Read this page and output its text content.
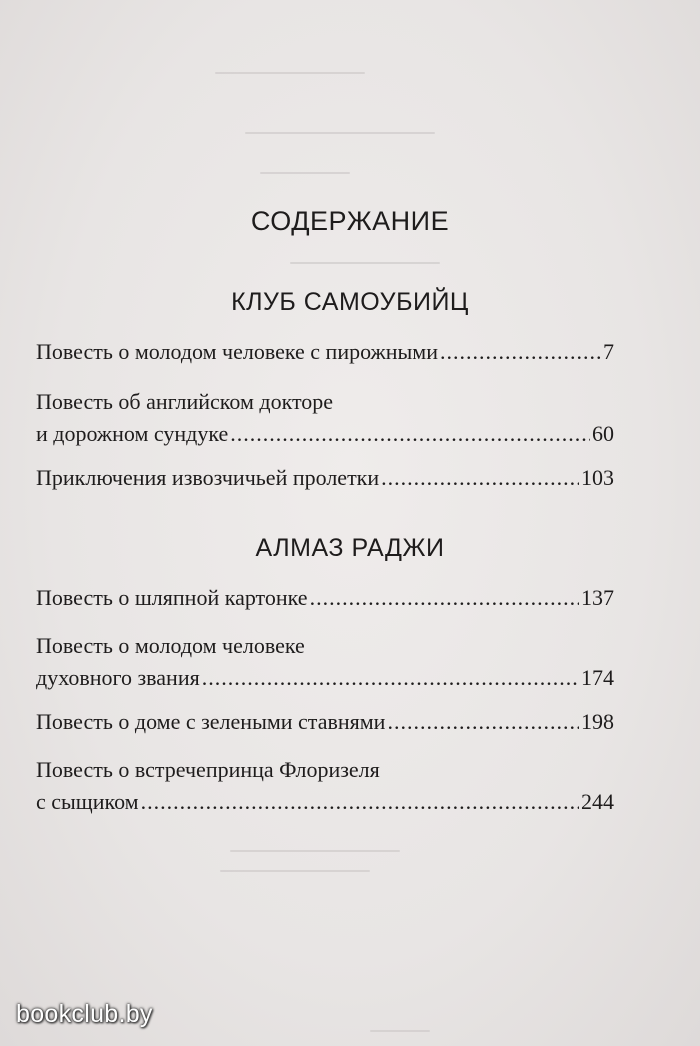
СОДЕРЖАНИЕ
КЛУБ САМОУБИЙЦ
Повесть о молодом человеке с пирожными .....	7
Повесть об английском докторе
и дорожном сундуке .....	60
Приключения извозчичьей пролетки .....	103
АЛМАЗ РАДЖИ
Повесть о шляпной картонке .....	137
Повесть о молодом человеке
духовного звания .....	174
Повесть о доме с зелеными ставнями .....	198
Повесть о встречепринца Флоризеля
с сыщиком .....	244
bookclub.by
